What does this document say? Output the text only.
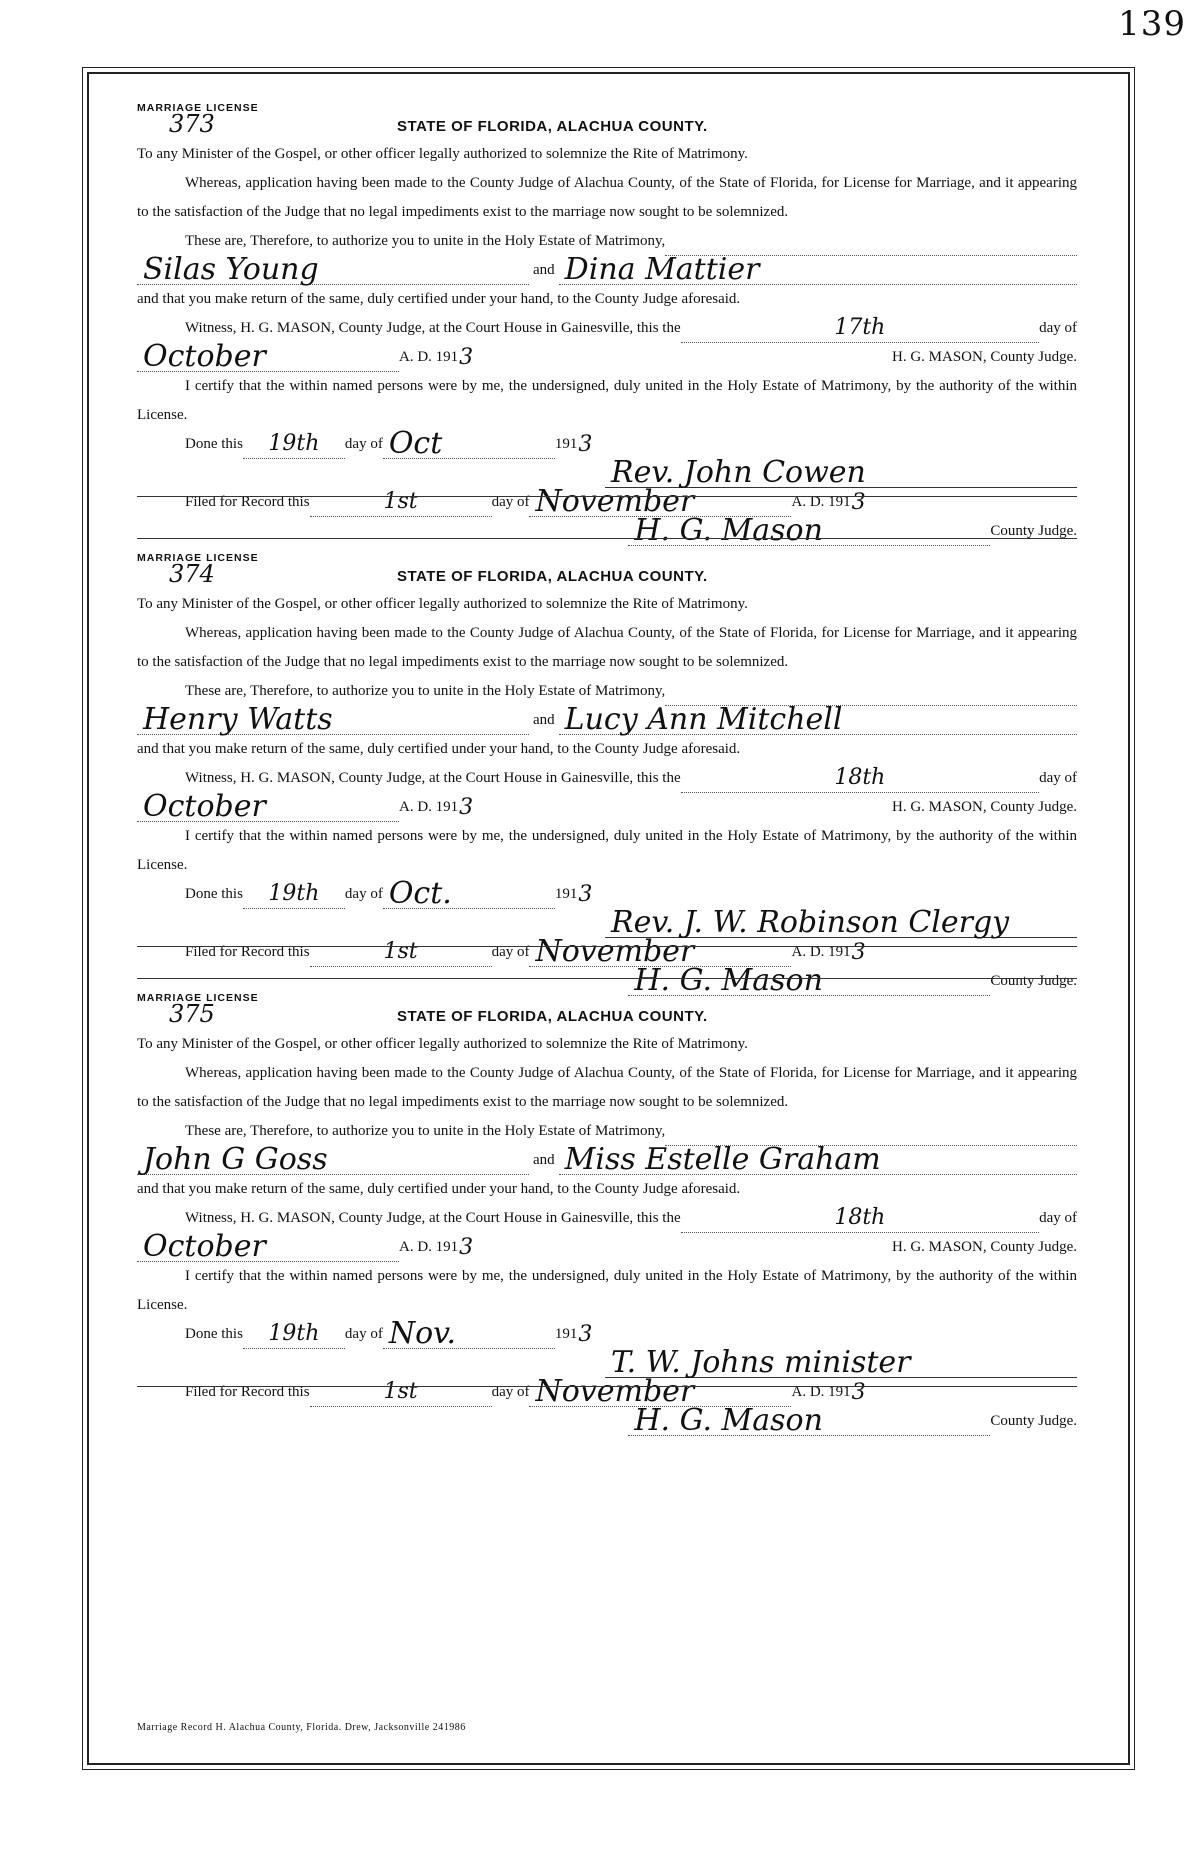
139
MARRIAGE LICENSE
373	STATE OF FLORIDA, ALACHUA COUNTY.

To any Minister of the Gospel, or other officer legally authorized to solemnize the Rite of Matrimony.

Whereas, application having been made to the County Judge of Alachua County, of the State of Florida, for License for Marriage, and it appearing to the satisfaction of the Judge that no legal impediments exist to the marriage now sought to be solemnized.

These are, Therefore, to authorize you to unite in the Holy Estate of Matrimony,
Silas Young	and Dina Mattier
and that you make return of the same, duly certified under your hand, to the County Judge aforesaid.
Witness, H. G. MASON, County Judge, at the Court House in Gainesville, this the	17th	day of
October	A. D. 191 3	H. G. MASON, County Judge.

I certify that the within named persons were by me, the undersigned, duly united in the Holy Estate of Matrimony, by the authority of the within License.

Done this	19th	day of Oct	191 3
Rev. John Cowen
Filed for Record this	1st	day of November	A. D. 191 3
H. G. Mason	County Judge.
MARRIAGE LICENSE
374	STATE OF FLORIDA, ALACHUA COUNTY.

To any Minister of the Gospel, or other officer legally authorized to solemnize the Rite of Matrimony.

Whereas, application having been made to the County Judge of Alachua County, of the State of Florida, for License for Marriage, and it appearing to the satisfaction of the Judge that no legal impediments exist to the marriage now sought to be solemnized.

These are, Therefore, to authorize you to unite in the Holy Estate of Matrimony,
Henry Watts	and Lucy Ann Mitchell
and that you make return of the same, duly certified under your hand, to the County Judge aforesaid.
Witness, H. G. MASON, County Judge, at the Court House in Gainesville, this the	18th	day of
October	A. D. 191 3	H. G. MASON, County Judge.

I certify that the within named persons were by me, the undersigned, duly united in the Holy Estate of Matrimony, by the authority of the within License.

Done this	19th	day of Oct.	191 3
Rev. J. W. Robinson Clergy
Filed for Record this	1st	day of November	A. D. 191 3
H. G. Mason	County Judge.
MARRIAGE LICENSE
375	STATE OF FLORIDA, ALACHUA COUNTY.

To any Minister of the Gospel, or other officer legally authorized to solemnize the Rite of Matrimony.

Whereas, application having been made to the County Judge of Alachua County, of the State of Florida, for License for Marriage, and it appearing to the satisfaction of the Judge that no legal impediments exist to the marriage now sought to be solemnized.

These are, Therefore, to authorize you to unite in the Holy Estate of Matrimony,
John G Goss	and Miss Estelle Graham
and that you make return of the same, duly certified under your hand, to the County Judge aforesaid.
Witness, H. G. MASON, County Judge, at the Court House in Gainesville, this the	18th	day of
October	A. D. 191 3	H. G. MASON, County Judge.

I certify that the within named persons were by me, the undersigned, duly united in the Holy Estate of Matrimony, by the authority of the within License.

Done this	19th	day of Nov.	191 3
T. W. Johns minister
Filed for Record this	1st	day of November	A. D. 191 3
H. G. Mason	County Judge.
Marriage Record H. Alachua County, Florida. Drew, Jacksonville 241986
